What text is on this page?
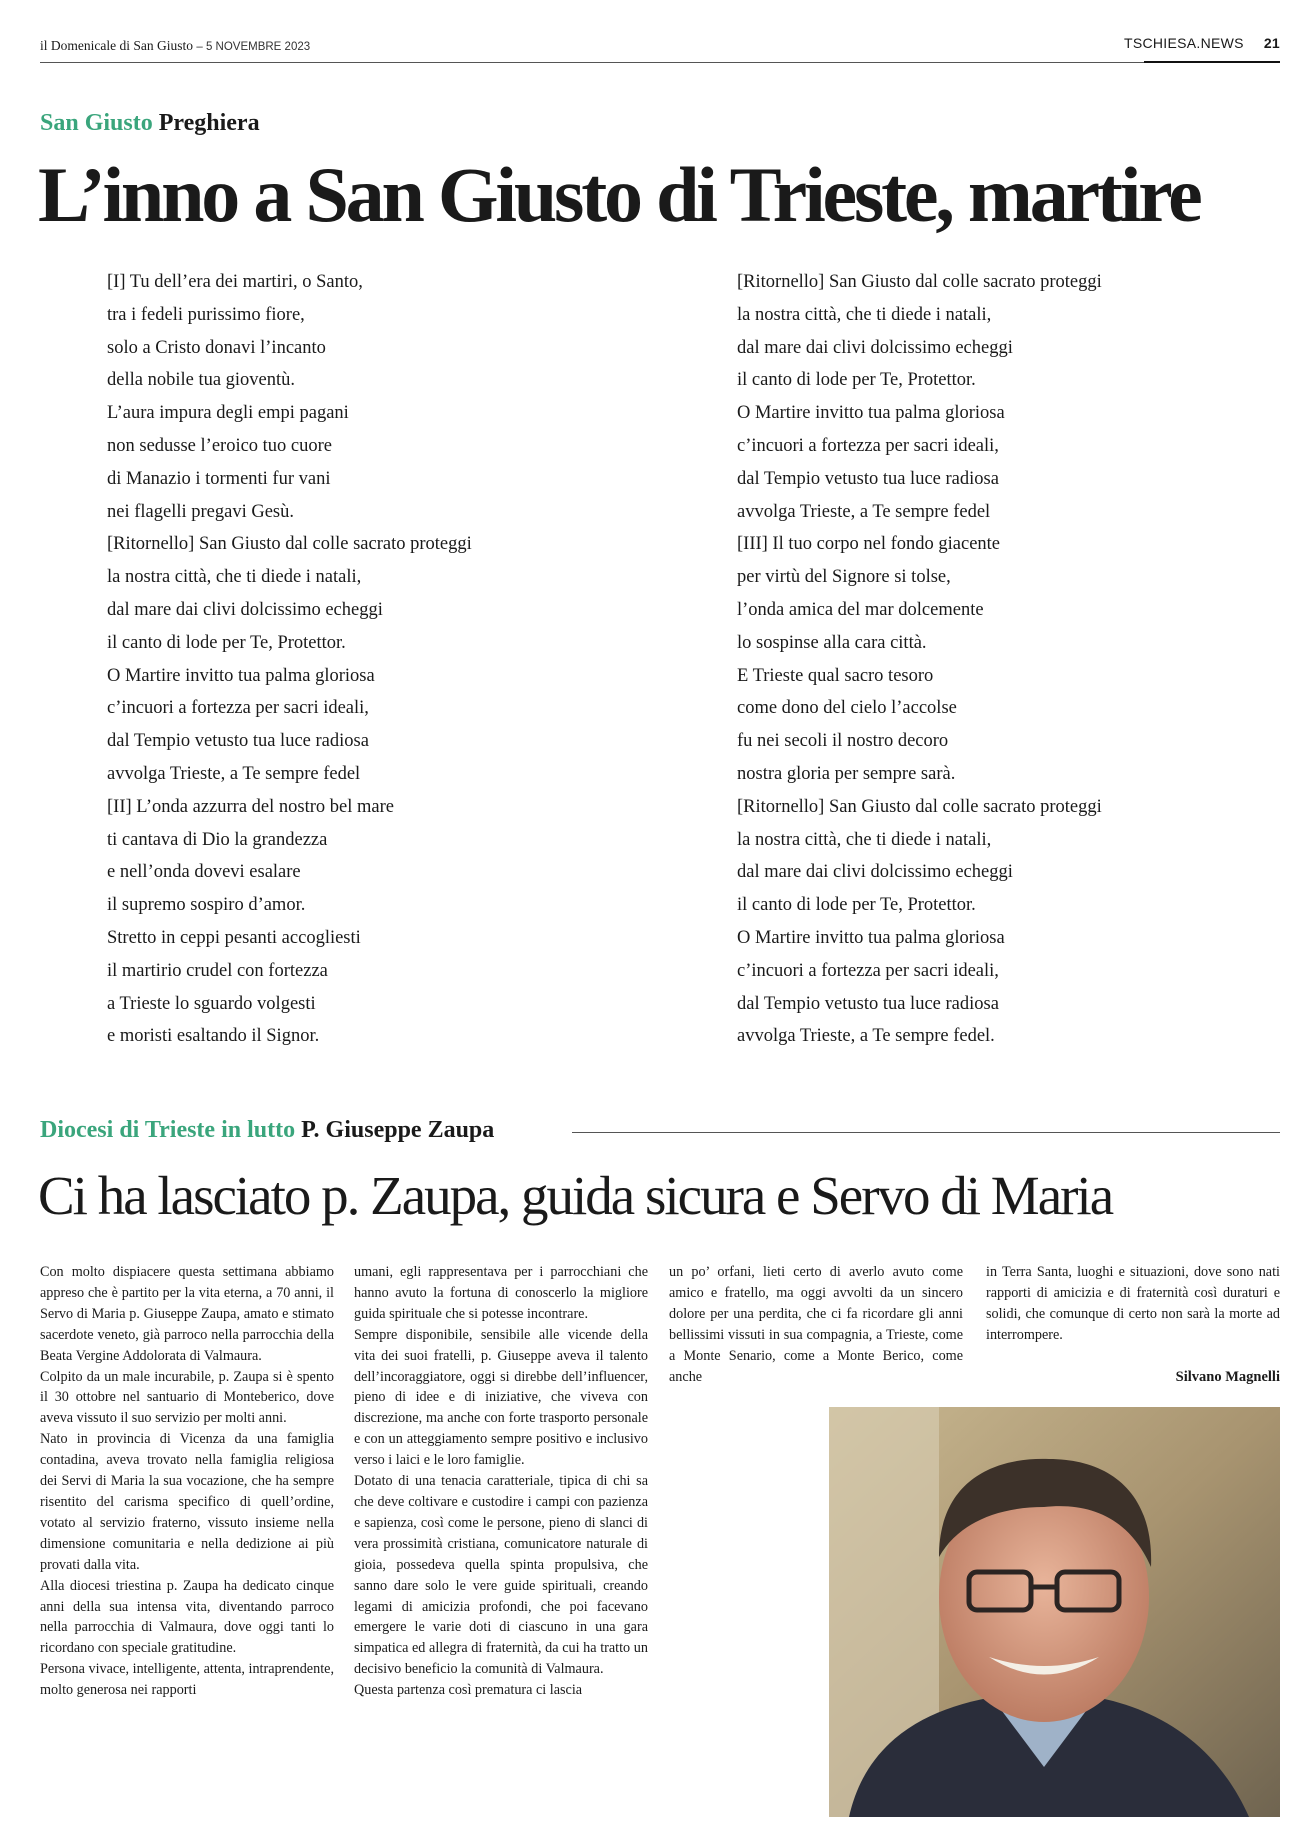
il Domenicale di San Giusto – 5 NOVEMBRE 2023	TSCHIESA.NEWS 21
San Giusto Preghiera
L’inno a San Giusto di Trieste, martire
[I] Tu dell’era dei martiri, o Santo,
tra i fedeli purissimo fiore,
solo a Cristo donavi l’incanto
della nobile tua gioventù.
L’aura impura degli empi pagani
non sedusse l’eroico tuo cuore
di Manazio i tormenti fur vani
nei flagelli pregavi Gesù.
[Ritornello] San Giusto dal colle sacrato proteggi
la nostra città, che ti diede i natali,
dal mare dai clivi dolcissimo echeggi
il canto di lode per Te, Protettor.
O Martire invitto tua palma gloriosa
c’incuori a fortezza per sacri ideali,
dal Tempio vetusto tua luce radiosa
avvolga Trieste, a Te sempre fedel
[II] L’onda azzurra del nostro bel mare
ti cantava di Dio la grandezza
e nell’onda dovevi esalare
il supremo sospiro d’amor.
Stretto in ceppi pesanti accogliesti
il martirio crudel con fortezza
a Trieste lo sguardo volgesti
e moristi esaltando il Signor.
[Ritornello] San Giusto dal colle sacrato proteggi
la nostra città, che ti diede i natali,
dal mare dai clivi dolcissimo echeggi
il canto di lode per Te, Protettor.
O Martire invitto tua palma gloriosa
c’incuori a fortezza per sacri ideali,
dal Tempio vetusto tua luce radiosa
avvolga Trieste, a Te sempre fedel
[III] Il tuo corpo nel fondo giacente
per virtù del Signore si tolse,
l’onda amica del mar dolcemente
lo sospinse alla cara città.
E Trieste qual sacro tesoro
come dono del cielo l’accolse
fu nei secoli il nostro decoro
nostra gloria per sempre sarà.
[Ritornello] San Giusto dal colle sacrato proteggi
la nostra città, che ti diede i natali,
dal mare dai clivi dolcissimo echeggi
il canto di lode per Te, Protettor.
O Martire invitto tua palma gloriosa
c’incuori a fortezza per sacri ideali,
dal Tempio vetusto tua luce radiosa
avvolga Trieste, a Te sempre fedel.
Diocesi di Trieste in lutto P. Giuseppe Zaupa
Ci ha lasciato p. Zaupa, guida sicura e Servo di Maria

Con molto dispiacere questa settimana abbiamo appreso che è partito per la vita eterna, a 70 anni, il Servo di Maria p. Giuseppe Zaupa, amato e stimato sacerdote veneto, già parroco nella parrocchia della Beata Vergine Addolorata di Valmaura.

Colpito da un male incurabile, p. Zaupa si è spento il 30 ottobre nel santuario di Monteberico, dove aveva vissuto il suo servizio per molti anni.

Nato in provincia di Vicenza da una famiglia contadina, aveva trovato nella famiglia religiosa dei Servi di Maria la sua vocazione, che ha sempre risentito del carisma specifico di quell’ordine, votato al servizio fraterno, vissuto insieme nella dimensione comunitaria e nella dedizione ai più provati dalla vita.

Alla diocesi triestina p. Zaupa ha dedicato cinque anni della sua intensa vita, diventando parroco nella parrocchia di Valmaura, dove oggi tanti lo ricordano con speciale gratitudine.

Persona vivace, intelligente, attenta, intraprendente, molto generosa nei rapporti

umani, egli rappresentava per i parrocchiani che hanno avuto la fortuna di conoscerlo la migliore guida spirituale che si potesse incontrare.

Sempre disponibile, sensibile alle vicende della vita dei suoi fratelli, p. Giuseppe aveva il talento dell’incoraggiatore, oggi si direbbe dell’influencer, pieno di idee e di iniziative, che viveva con discrezione, ma anche con forte trasporto personale e con un atteggiamento sempre positivo e inclusivo verso i laici e le loro famiglie.

Dotato di una tenacia caratteriale, tipica di chi sa che deve coltivare e custodire i campi con pazienza e sapienza, così come le persone, pieno di slanci di vera prossimità cristiana, comunicatore naturale di gioia, possedeva quella spinta propulsiva, che sanno dare solo le vere guide spirituali, creando legami di amicizia profondi, che poi facevano emergere le varie doti di ciascuno in una gara simpatica ed allegra di fraternità, da cui ha tratto un decisivo beneficio la comunità di Valmaura.

Questa partenza così prematura ci lascia

un po’ orfani, lieti certo di averlo avuto come amico e fratello, ma oggi avvolti da un sincero dolore per una perdita, che ci fa ricordare gli anni bellissimi vissuti in sua compagnia, a Trieste, come a Monte Senario, come a Monte Berico, come anche

in Terra Santa, luoghi e situazioni, dove sono nati rapporti di amicizia e di fraternità così duraturi e solidi, che comunque di certo non sarà la morte ad interrompere.

Silvano Magnelli
